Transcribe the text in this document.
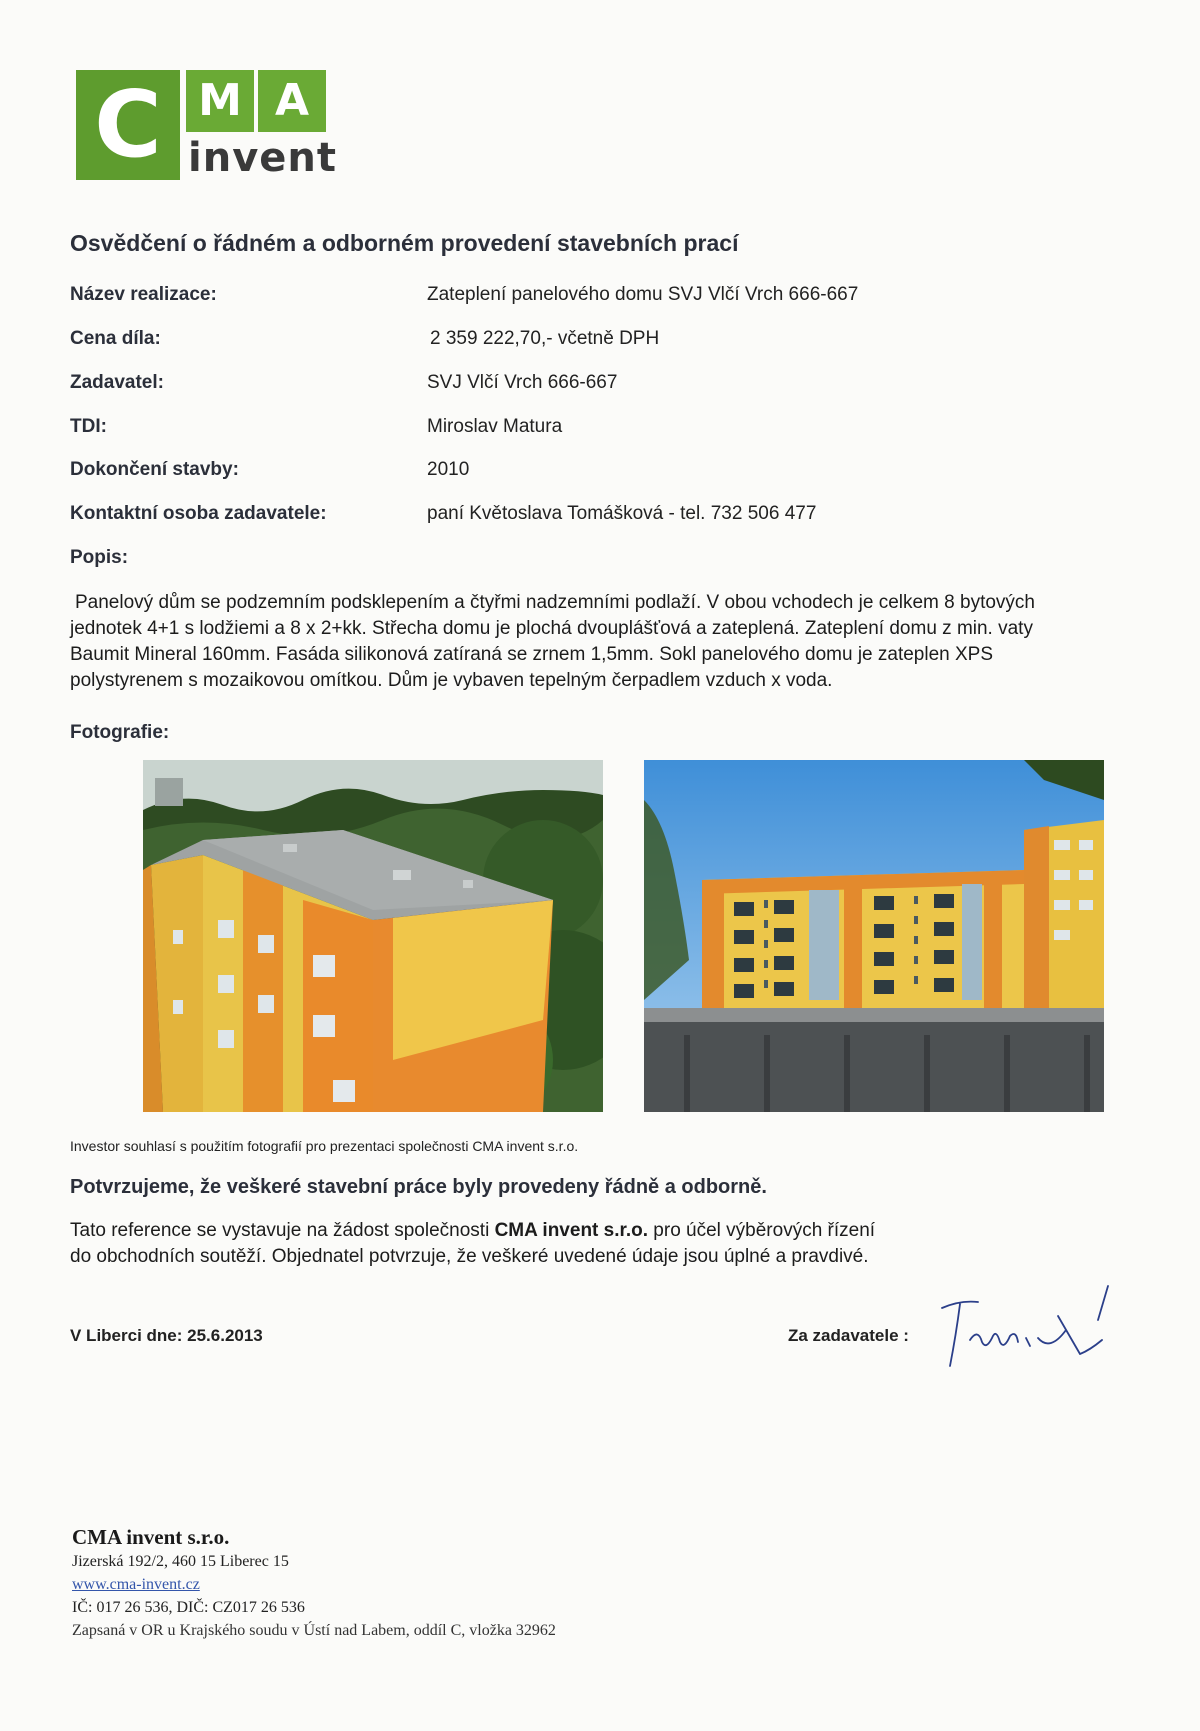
C M A
invent
Osvědčení o řádném a odborném provedení stavebních prací
Název realizace:	Zateplení panelového domu SVJ Vlčí Vrch 666-667
Cena díla:	2 359 222,70,- včetně DPH
Zadavatel:	SVJ Vlčí Vrch 666-667
TDI:	Miroslav Matura
Dokončení stavby:	2010
Kontaktní osoba zadavatele:	paní Květoslava Tomášková - tel. 732 506 477
Popis:
Panelový dům se podzemním podsklepením a čtyřmi nadzemními podlaží. V obou vchodech je celkem 8 bytových
jednotek 4+1 s lodžiemi a 8 x 2+kk. Střecha domu je plochá dvouplášťová a zateplená. Zateplení domu z min. vaty
Baumit Mineral 160mm. Fasáda silikonová zatíraná se zrnem 1,5mm. Sokl panelového domu je zateplen XPS
polystyrenem s mozaikovou omítkou. Dům je vybaven tepelným čerpadlem vzduch x voda.
Fotografie:
Investor souhlasí s použitím fotografií pro prezentaci společnosti CMA invent s.r.o.
Potvrzujeme, že veškeré stavební práce byly provedeny řádně a odborně.
Tato reference se vystavuje na žádost společnosti CMA invent s.r.o. pro účel výběrových řízení
do obchodních soutěží. Objednatel potvrzuje, že veškeré uvedené údaje jsou úplné a pravdivé.
V Liberci dne: 25.6.2013	Za zadavatele :
CMA invent s.r.o.
Jizerská 192/2, 460 15 Liberec 15
www.cma-invent.cz
IČ: 017 26 536, DIČ: CZ017 26 536
Zapsaná v OR u Krajského soudu v Ústí nad Labem, oddíl C, vložka 32962
